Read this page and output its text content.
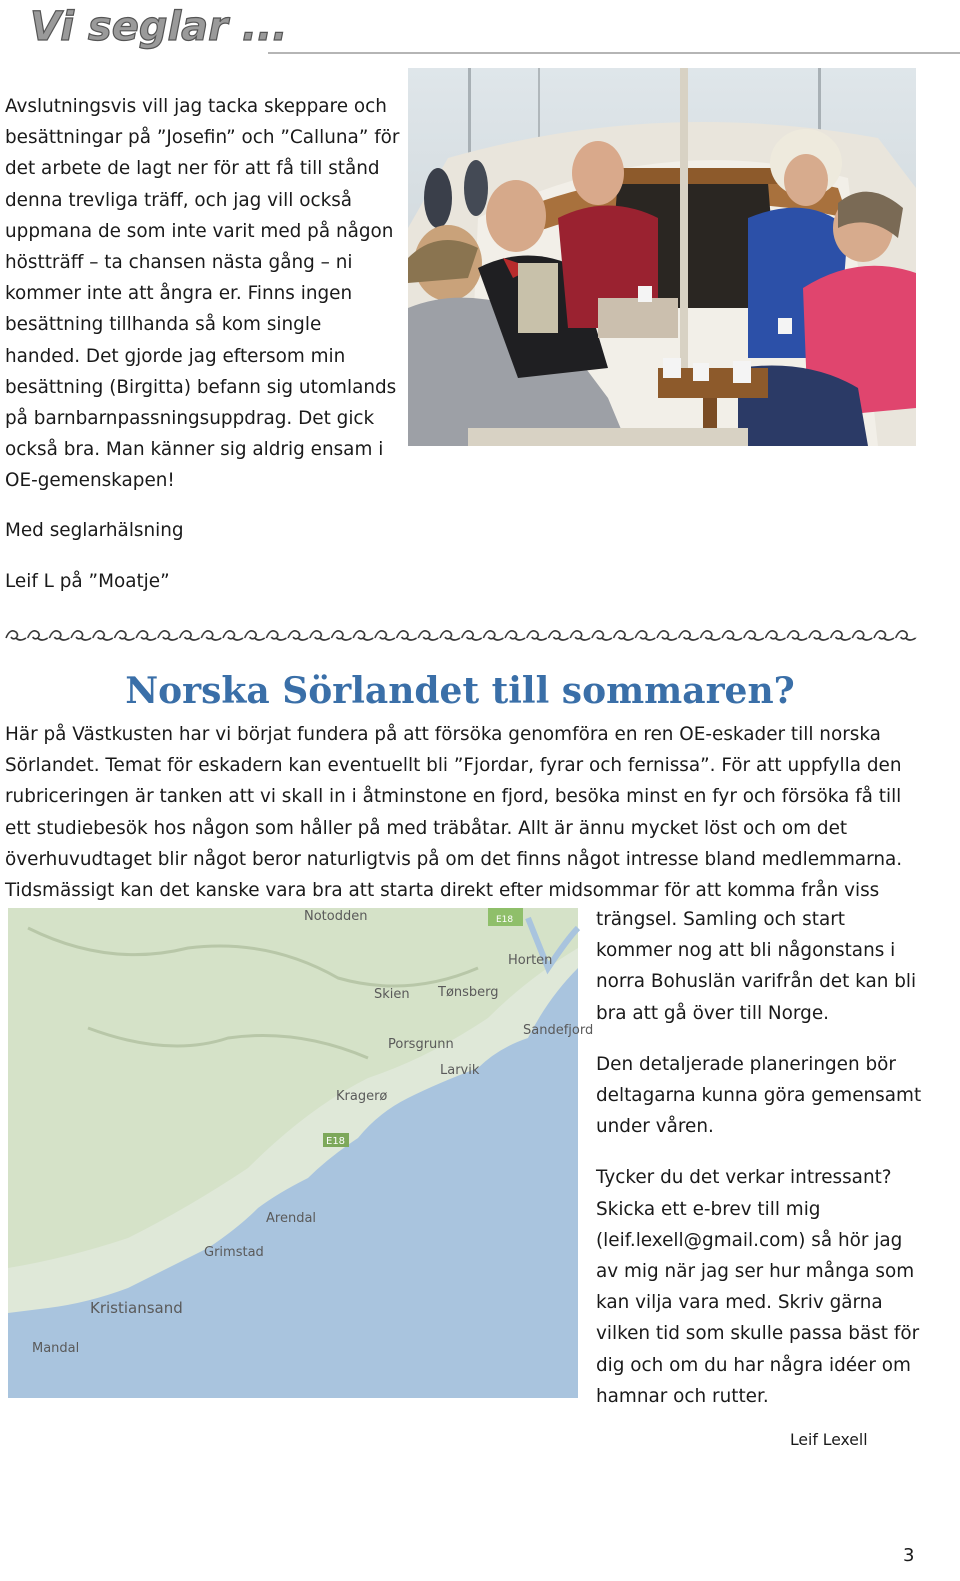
Vi seglar ...

Avslutningsvis vill jag tacka skeppare och besättningar på ”Josefin” och ”Calluna” för det arbete de lagt ner för att få till stånd denna trevliga träff, och jag vill också uppmana de som inte varit med på någon höstträff – ta chansen nästa gång – ni kommer inte att ångra er. Finns ingen besättning tillhanda så kom single handed. Det gjorde jag eftersom min besättning (Birgitta) befann sig utomlands på barnbarnpassningsuppdrag. Det gick också bra. Man känner sig aldrig ensam i OE-gemenskapen!

Med seglarhälsning
Leif L på ”Moatje”
Norska Sörlandet till sommaren?

Här på Västkusten har vi börjat fundera på att försöka genomföra en ren OE-eskader till norska Sörlandet. Temat för eskadern kan eventuellt bli ”Fjordar, fyrar och fernissa”. För att uppfylla den rubriceringen är tanken att vi skall in i åtminstone en fjord, besöka minst en fyr och försöka få till ett studiebesök hos någon som håller på med träbåtar. Allt är ännu mycket löst och om det överhuvudtaget blir något beror naturligtvis på om det finns något intresse bland medlemmarna. Tidsmässigt kan det kanske vara bra att starta direkt efter midsommar för att komma från viss

Notodden	E18
Horten
Skien Tønsberg
Sandefjord
Porsgrunn
Larvik
Kragerø
E18
Arendal
Grimstad
Kristiansand
Mandal

trängsel. Samling och start kommer nog att bli någonstans i norra Bohuslän varifrån det kan bli bra att gå över till Norge.

Den detaljerade planeringen bör deltagarna kunna göra gemensamt under våren.

Tycker du det verkar intressant? Skicka ett e-brev till mig (leif.lexell@gmail.com) så hör jag av mig när jag ser hur många som kan vilja vara med. Skriv gärna vilken tid som skulle passa bäst för dig och om du har några idéer om hamnar och rutter.

Leif Lexell
3
